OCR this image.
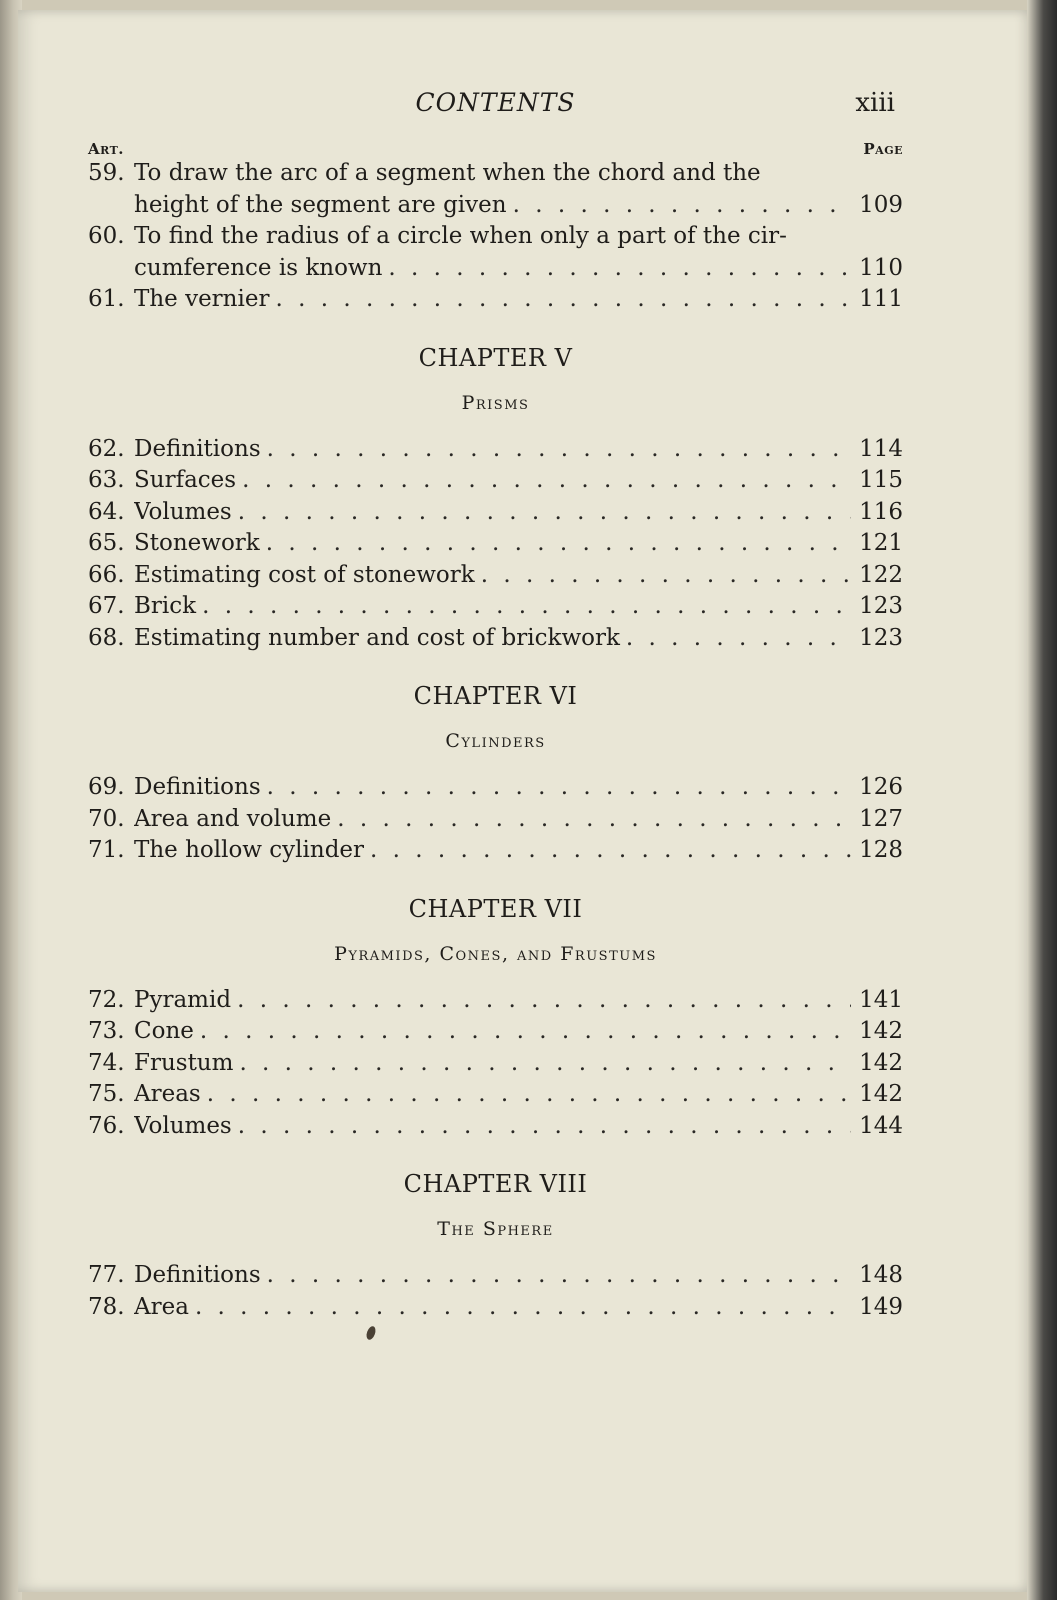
CONTENTS	xiii
Art.	Page
59. To draw the arc of a segment when the chord and the
height of the segment are given . . .	109
60. To find the radius of a circle when only a part of the cir-
cumference is known . . .	110
61. The vernier . . .	111
CHAPTER V
Prisms
62. Definitions . . .	114
63. Surfaces . . .	115
64. Volumes . . .	116
65. Stonework . . .	121
66. Estimating cost of stonework . . .	122
67. Brick . . .	123
68. Estimating number and cost of brickwork . . .	123
CHAPTER VI
Cylinders
69. Definitions . . .	126
70. Area and volume . . .	127
71. The hollow cylinder . . .	128
CHAPTER VII
Pyramids, Cones, and Frustums
72. Pyramid . . .	141
73. Cone . . .	142
74. Frustum . . .	142
75. Areas . . .	142
76. Volumes . . .	144
CHAPTER VIII
The Sphere
77. Definitions . . .	148
78. Area . . .	149
